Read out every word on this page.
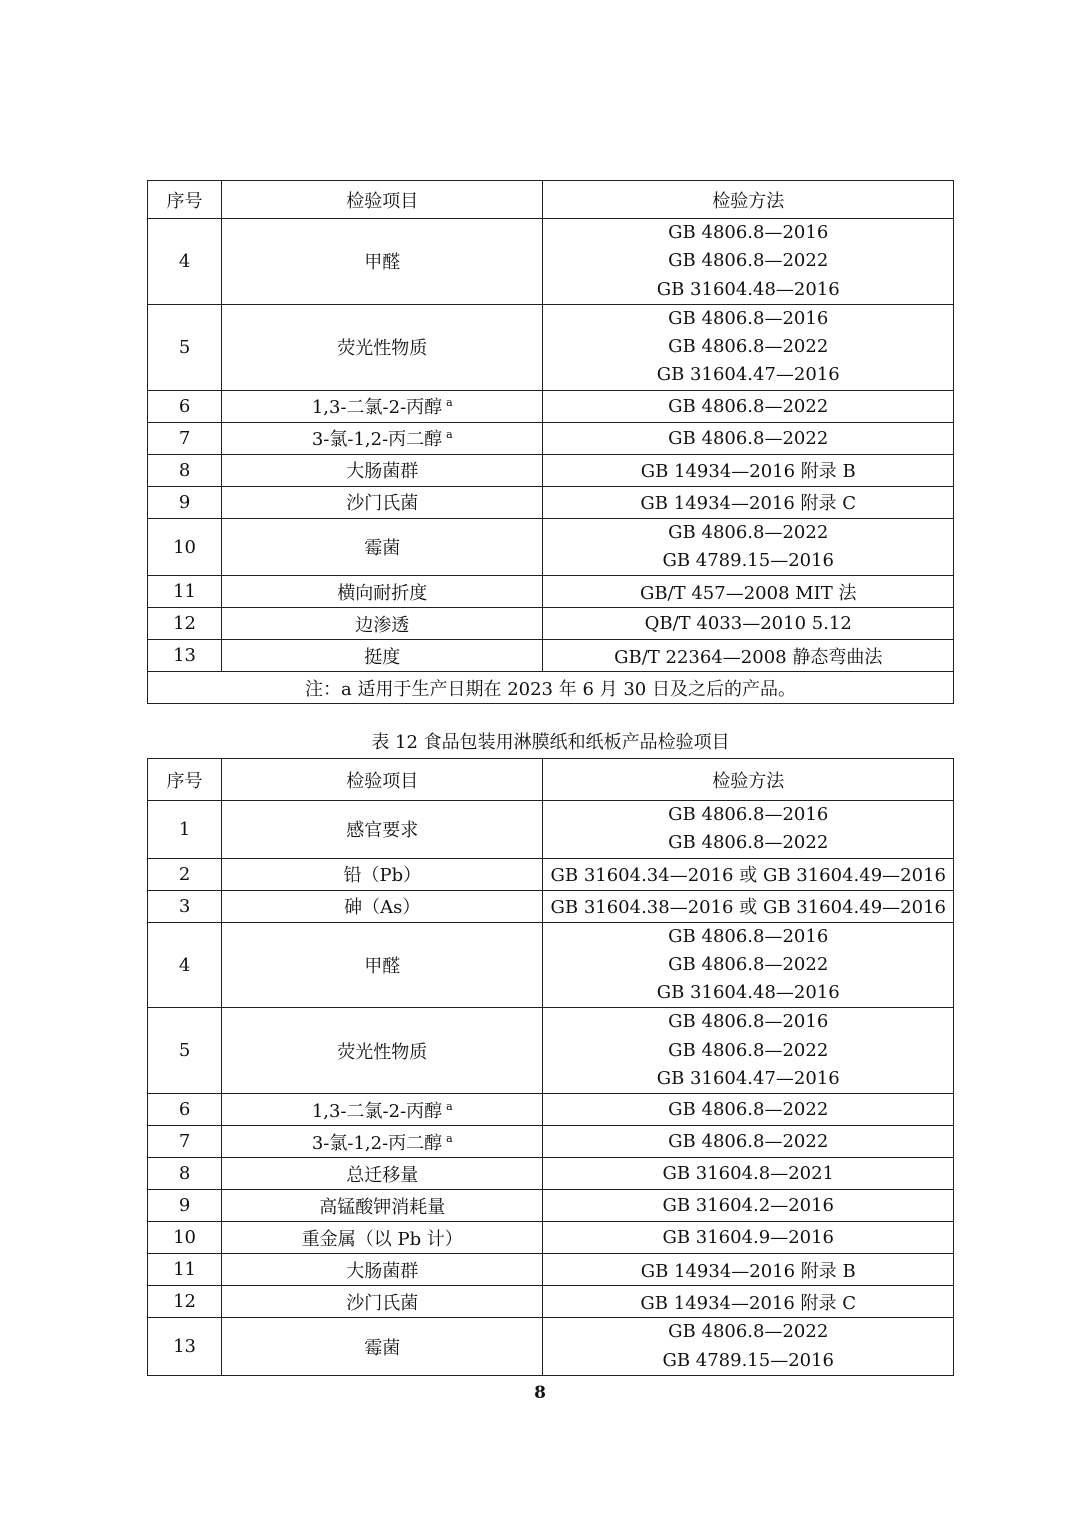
序号	检验项目	检验方法
4	甲醛	GB 4806.8—2016
GB 4806.8—2022
GB 31604.48—2016

5	荧光性物质	GB 4806.8—2016
GB 4806.8—2022
GB 31604.47—2016

6	1,3-二氯-2-丙醇 $^a$	GB 4806.8—2022
7	3-氯-1,2-丙二醇 $^a$	GB 4806.8—2022
8	大肠菌群	GB 14934—2016 附录 B
9	沙门氏菌	GB 14934—2016 附录 C
10	霉菌	GB 4806.8—2022
GB 4789.15—2016

11	横向耐折度	GB/T 457—2008 MIT 法
12	边渗透	QB/T 4033—2010 5.12
13	挺度	GB/T 22364—2008 静态弯曲法
注：a 适用于生产日期在 2023 年 6 月 30 日及之后的产品。		
表 12 食品包装用淋膜纸和纸板产品检验项目
序号	检验项目	检验方法
1	感官要求	GB 4806.8—2016
GB 4806.8—2022

2	铅（Pb）	GB 31604.34—2016 或 GB 31604.49—2016
3	砷（As）	GB 31604.38—2016 或 GB 31604.49—2016
4	甲醛	GB 4806.8—2016
GB 4806.8—2022
GB 31604.48—2016

5	荧光性物质	GB 4806.8—2016
GB 4806.8—2022
GB 31604.47—2016

6	1,3-二氯-2-丙醇 $^a$	GB 4806.8—2022
7	3-氯-1,2-丙二醇 $^a$	GB 4806.8—2022
8	总迁移量	GB 31604.8—2021
9	高锰酸钾消耗量	GB 31604.2—2016
10	重金属（以 Pb 计）	GB 31604.9—2016
11	大肠菌群	GB 14934—2016 附录 B
12	沙门氏菌	GB 14934—2016 附录 C
13	霉菌	GB 4806.8—2022
GB 4789.15—2016
8
